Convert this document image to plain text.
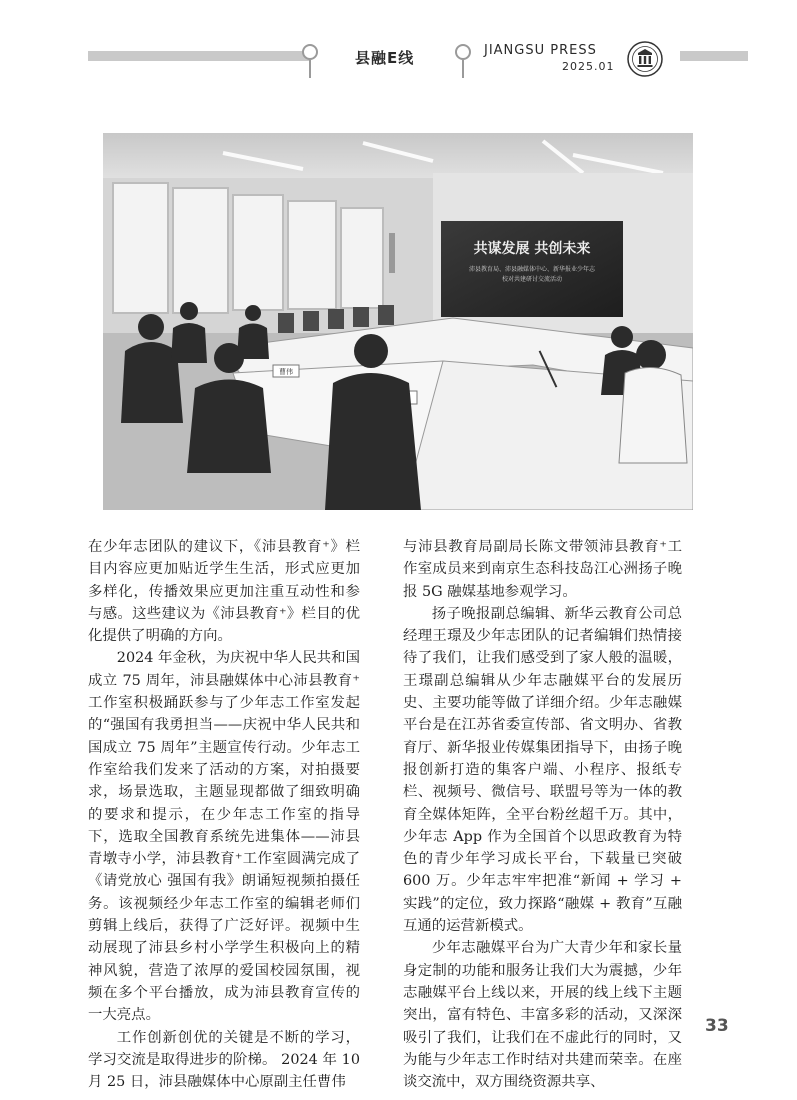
县融E线	JIANGSU PRESS
2025.01
共谋发展 共创未来
沛县教育局、沛县融媒体中心、新华报业少年志
校对共建研讨交流活动
曹伟

在少年志团队的建议下，《沛县教育⁺》栏目内容应更加贴近学生生活，形式应更加多样化，传播效果应更加注重互动性和参与感。这些建议为《沛县教育⁺》栏目的优化提供了明确的方向。

2024 年金秋，为庆祝中华人民共和国成立 75 周年，沛县融媒体中心沛县教育⁺工作室积极踊跃参与了少年志工作室发起的“强国有我勇担当——庆祝中华人民共和国成立 75 周年”主题宣传行动。少年志工作室给我们发来了活动的方案，对拍摄要求，场景选取，主题显现都做了细致明确的要求和提示，在少年志工作室的指导下，选取全国教育系统先进集体——沛县青墩寺小学，沛县教育⁺工作室圆满完成了《请党放心 强国有我》朗诵短视频拍摄任务。该视频经少年志工作室的编辑老师们剪辑上线后，获得了广泛好评。视频中生动展现了沛县乡村小学学生积极向上的精神风貌，营造了浓厚的爱国校园氛围，视频在多个平台播放，成为沛县教育宣传的一大亮点。

工作创新创优的关键是不断的学习，学习交流是取得进步的阶梯。 2024 年 10 月 25 日，沛县融媒体中心原副主任曹伟

与沛县教育局副局长陈文带领沛县教育⁺工作室成员来到南京生态科技岛江心洲扬子晚报 5G 融媒基地参观学习。

扬子晚报副总编辑、新华云教育公司总经理王璟及少年志团队的记者编辑们热情接待了我们，让我们感受到了家人般的温暖，王璟副总编辑从少年志融媒平台的发展历史、主要功能等做了详细介绍。少年志融媒平台是在江苏省委宣传部、省文明办、省教育厅、新华报业传媒集团指导下，由扬子晚报创新打造的集客户端、小程序、报纸专栏、视频号、微信号、联盟号等为一体的教育全媒体矩阵，全平台粉丝超千万。其中，少年志 App 作为全国首个以思政教育为特色的青少年学习成长平台，下载量已突破 600 万。少年志牢牢把准“新闻 + 学习 + 实践”的定位，致力探路“融媒 + 教育”互融互通的运营新模式。

少年志融媒平台为广大青少年和家长量身定制的功能和服务让我们大为震撼，少年志融媒平台上线以来，开展的线上线下主题突出，富有特色、丰富多彩的活动，又深深吸引了我们，让我们在不虚此行的同时，又为能与少年志工作时结对共建而荣幸。在座谈交流中，双方围绕资源共享、

33
